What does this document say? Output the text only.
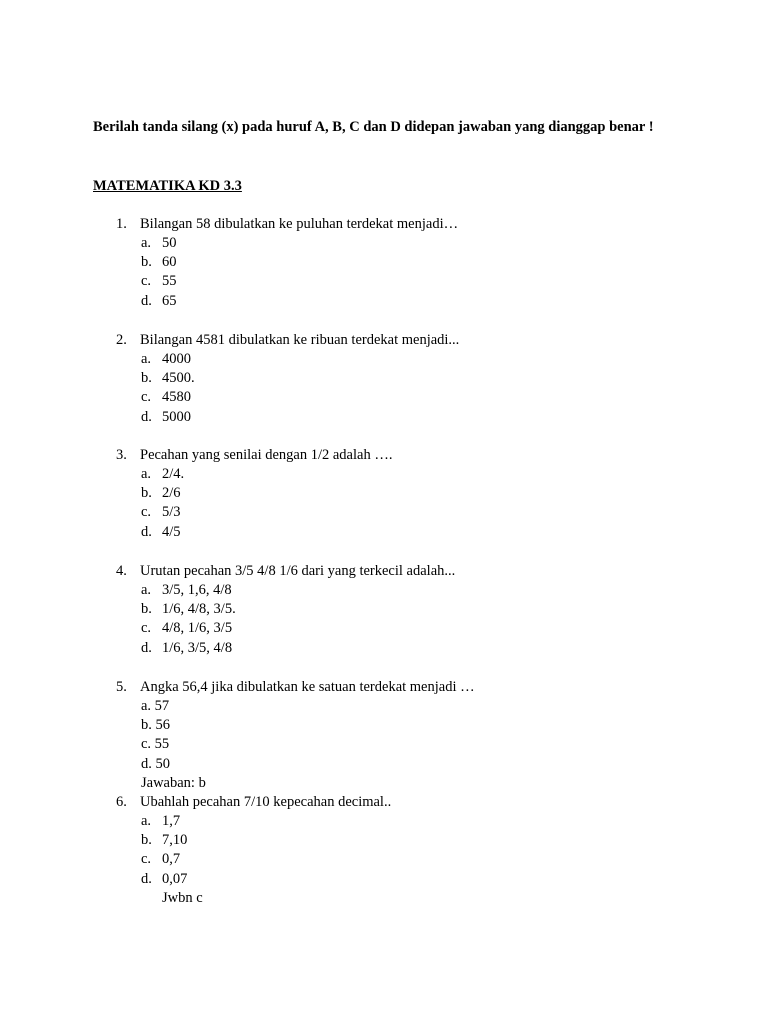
Berilah tanda silang (x) pada huruf A, B, C dan D didepan jawaban yang dianggap benar !
MATEMATIKA KD 3.3
1. Bilangan 58 dibulatkan ke puluhan terdekat menjadi…
a. 50
b. 60
c. 55
d. 65
2. Bilangan 4581 dibulatkan ke ribuan terdekat menjadi...
a. 4000
b. 4500.
c. 4580
d. 5000
3. Pecahan yang senilai dengan 1/2 adalah ….
a. 2/4.
b. 2/6
c. 5/3
d. 4/5
4. Urutan pecahan 3/5 4/8 1/6 dari yang terkecil adalah...
a. 3/5, 1,6, 4/8
b. 1/6, 4/8, 3/5.
c. 4/8, 1/6, 3/5
d. 1/6, 3/5, 4/8
5. Angka 56,4 jika dibulatkan ke satuan terdekat menjadi …
a. 57
b. 56
c. 55
d. 50
Jawaban: b
6. Ubahlah pecahan 7/10 kepecahan decimal..
a. 1,7
b. 7,10
c. 0,7
d. 0,07
Jwbn c
